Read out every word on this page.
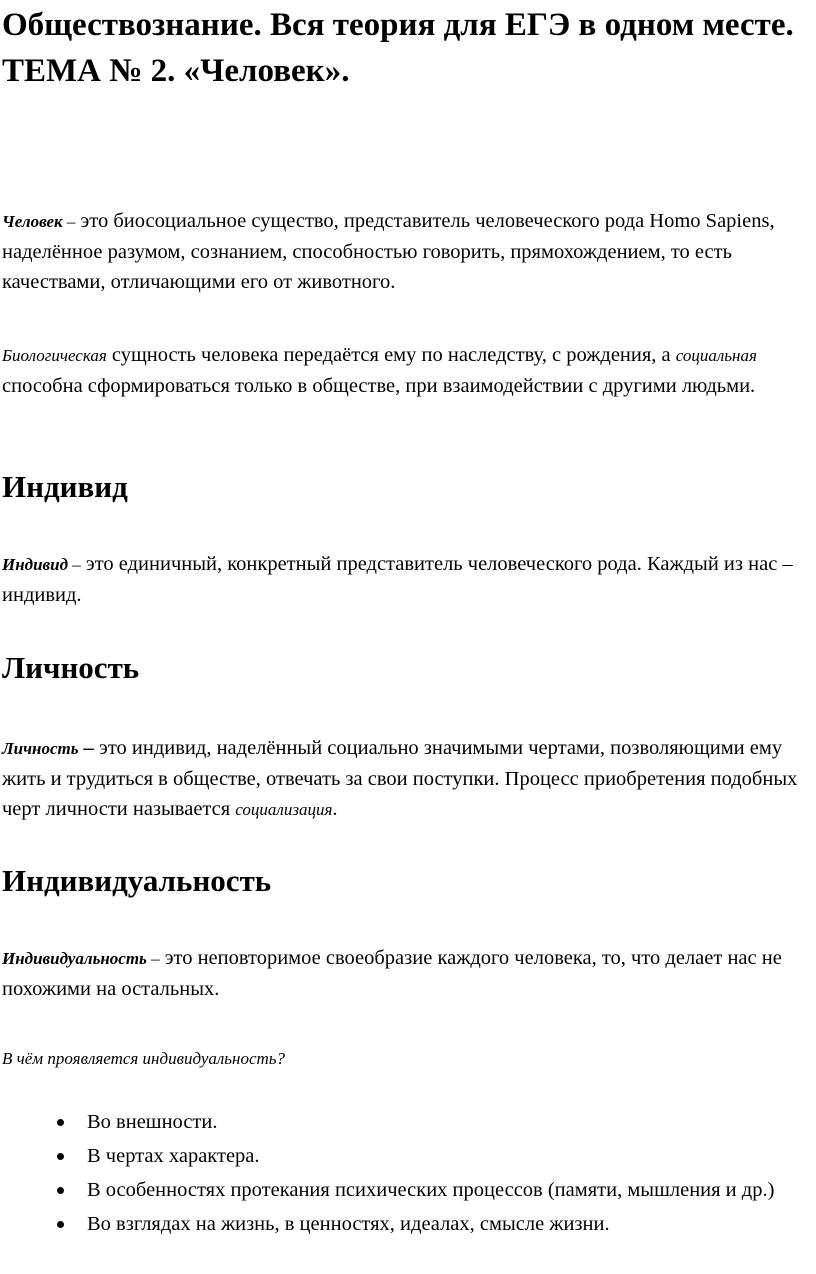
Обществознание. Вся теория для ЕГЭ в одном месте. ТЕМА № 2. «Человек».

Человек – это биосоциальное существо, представитель человеческого рода Homo Sapiens, наделённое разумом, сознанием, способностью говорить, прямохождением, то есть качествами, отличающими его от животного.

Биологическая сущность человека передаётся ему по наследству, с рождения, а социальная способна сформироваться только в обществе, при взаимодействии с другими людьми.

Индивид

Индивид – это единичный, конкретный представитель человеческого рода. Каждый из нас – индивид.

Личность

Личность – это индивид, наделённый социально значимыми чертами, позволяющими ему жить и трудиться в обществе, отвечать за свои поступки. Процесс приобретения подобных черт личности называется социализация.

Индивидуальность

Индивидуальность – это неповторимое своеобразие каждого человека, то, что делает нас не похожими на остальных.

В чём проявляется индивидуальность?

Во внешности.
В чертах характера.
В особенностях протекания психических процессов (памяти, мышления и др.)
Во взглядах на жизнь, в ценностях, идеалах, смысле жизни.
